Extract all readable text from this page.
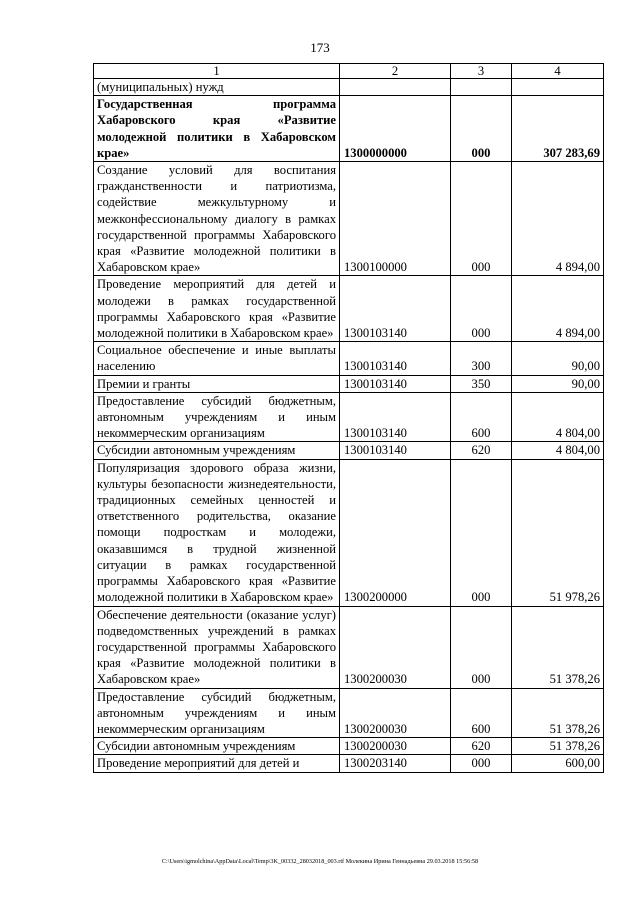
173
1	2	3	4
(муниципальных) нужд			
Государственная программа Хабаровского края «Развитие молодежной политики в Хабаровском крае»	1300000000	000	307 283,69
Создание условий для воспитания гражданственности и патриотизма, содействие межкультурному и межконфессиональному диалогу в рамках государственной программы Хабаровского края «Развитие молодежной политики в Хабаровском крае»	1300100000	000	4 894,00
Проведение мероприятий для детей и молодежи в рамках государственной программы Хабаровского края «Развитие молодежной политики в Хабаровском крае»	1300103140	000	4 894,00
Социальное обеспечение и иные выплаты населению	1300103140	300	90,00
Премии и гранты	1300103140	350	90,00
Предоставление субсидий бюджетным, автономным учреждениям и иным некоммерческим организациям	1300103140	600	4 804,00
Субсидии автономным учреждениям	1300103140	620	4 804,00
Популяризация здорового образа жизни, культуры безопасности жизнедеятельности, традиционных семейных ценностей и ответственного родительства, оказание помощи подросткам и молодежи, оказавшимся в трудной жизненной ситуации в рамках государственной программы Хабаровского края «Развитие молодежной политики в Хабаровском крае»	1300200000	000	51 978,26
Обеспечение деятельности (оказание услуг) подведомственных учреждений в рамках государственной программы Хабаровского края «Развитие молодежной политики в Хабаровском крае»	1300200030	000	51 378,26
Предоставление субсидий бюджетным, автономным учреждениям и иным некоммерческим организациям	1300200030	600	51 378,26
Субсидии автономным учреждениям	1300200030	620	51 378,26
Проведение мероприятий для детей и	1300203140	000	600,00
C:\Users\igmolchina\AppData\Local\Temp\3K_00332_28032018_003.rtf Молекина Ирина Геннадьевна 29.03.2018 15:56:58
